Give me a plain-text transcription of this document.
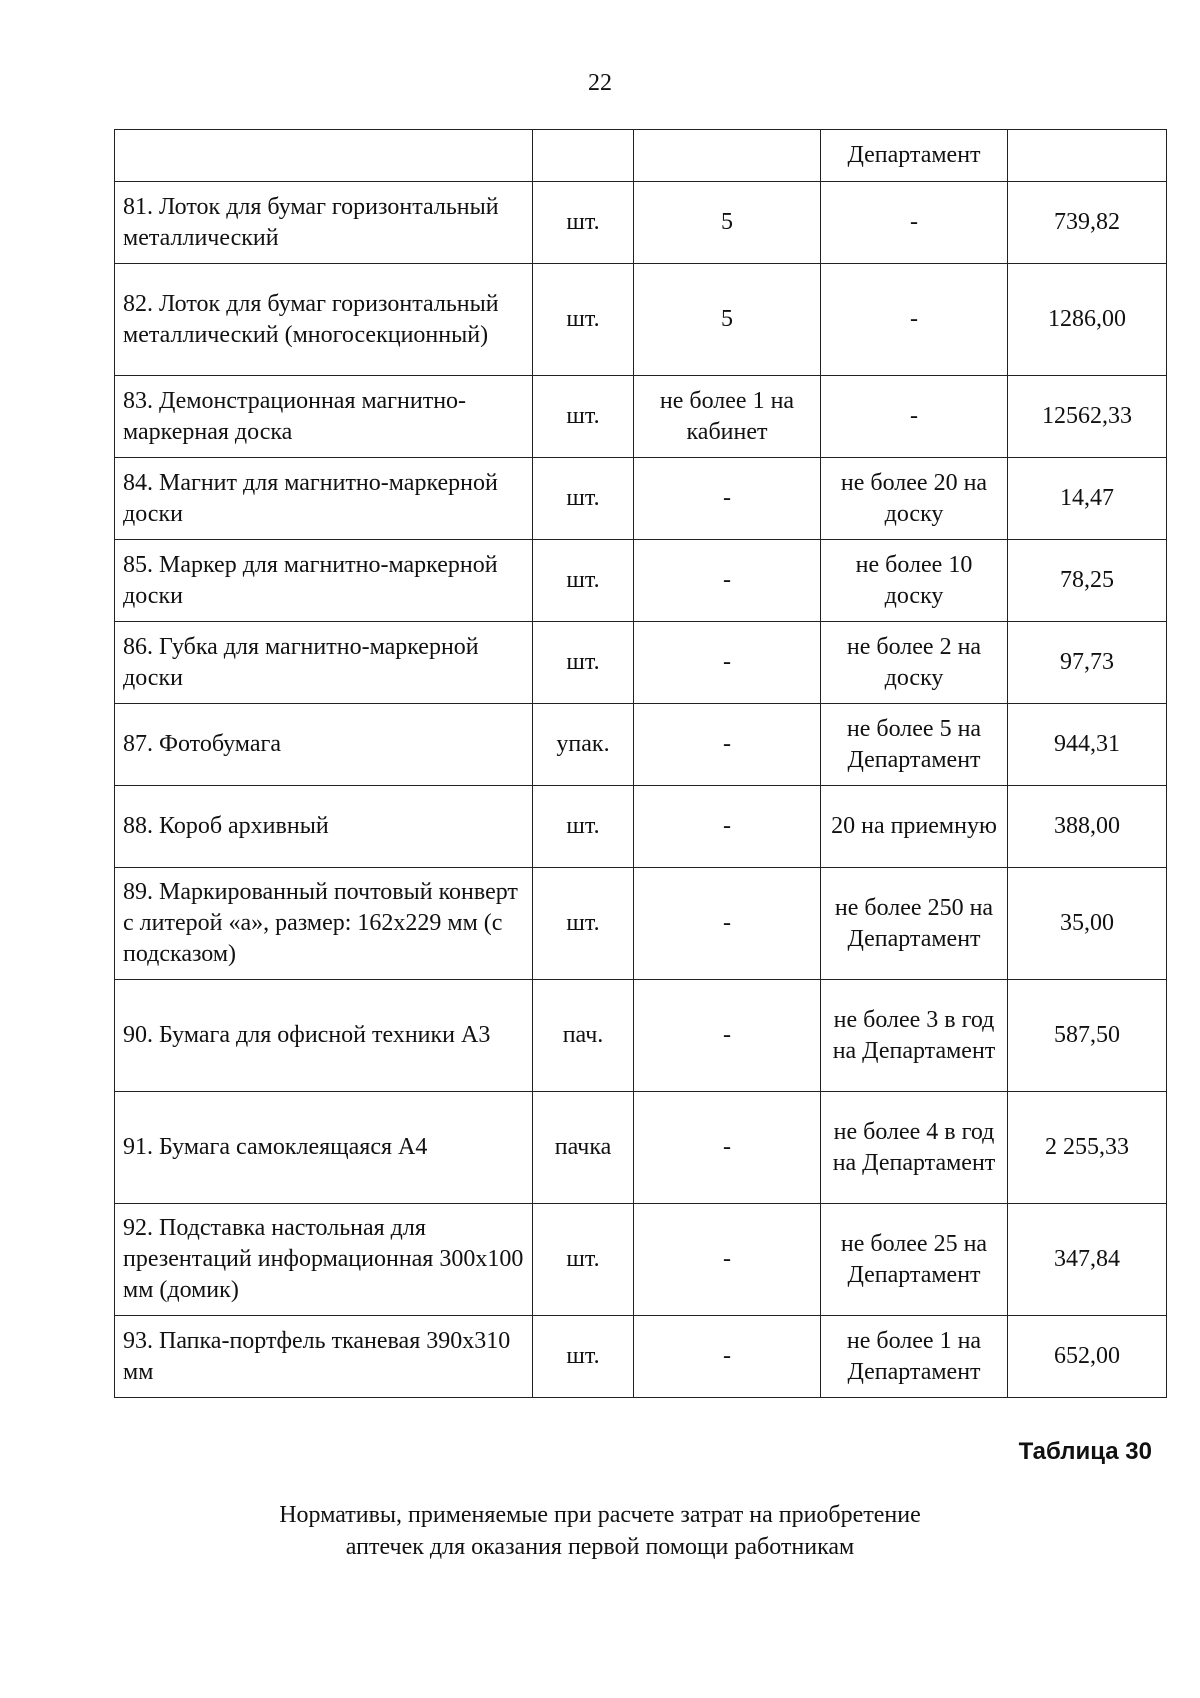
22
			Департамент	
81. Лоток для бумаг горизонтальный металлический	шт.	5	-	739,82
82. Лоток для бумаг горизонтальный металлический (многосекционный)	шт.	5	-	1286,00
83. Демонстрационная магнитно-маркерная доска	шт.	не более 1 на кабинет	-	12562,33
84. Магнит для магнитно-маркерной доски	шт.	-	не более 20 на доску	14,47
85. Маркер для магнитно-маркерной доски	шт.	-	не более 10 доску	78,25
86. Губка для магнитно-маркерной доски	шт.	-	не более 2 на доску	97,73
87. Фотобумага	упак.	-	не более 5 на Департамент	944,31
88. Короб архивный	шт.	-	20 на приемную	388,00
89. Маркированный почтовый конверт с литерой «а», размер: 162х229 мм (с подсказом)	шт.	-	не более 250 на Департамент	35,00
90. Бумага для офисной техники А3	пач.	-	не более 3 в год на Департамент	587,50
91. Бумага самоклеящаяся А4	пачка	-	не более 4 в год на Департамент	2 255,33
92. Подставка настольная для презентаций информационная 300х100 мм (домик)	шт.	-	не более 25 на Департамент	347,84
93. Папка-портфель тканевая 390х310 мм	шт.	-	не более 1 на Департамент	652,00
Таблица 30
Нормативы, применяемые при расчете затрат на приобретение
аптечек для оказания первой помощи работникам
